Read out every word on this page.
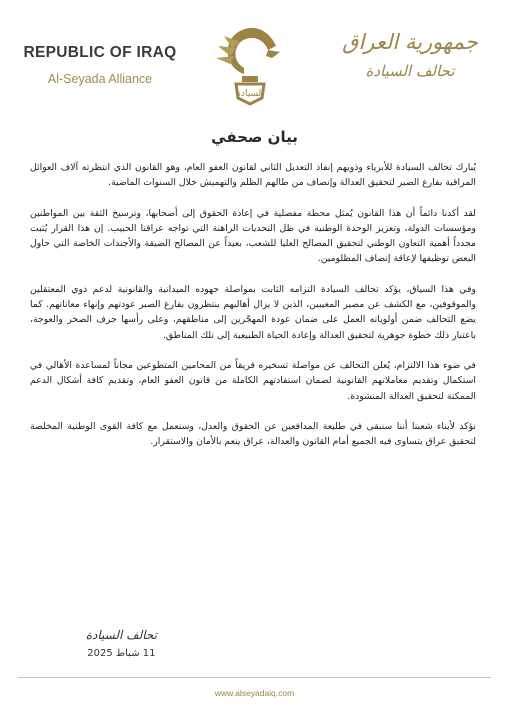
REPUBLIC OF IRAQ
Al-Seyada Alliance
السيادة
جمهورية العراق
تحالف السيادة
بيان صحفي

يُبارك تحالف السيادة للأبرياء وذويهم إنفاذ التعديل الثاني لقانون العفو العام، وهو القانون الذي انتظرته آلاف العوائل المراقية بفارغ الصبر لتحقيق العدالة وإنصاف من طالهم الظلم والتهميش خلال السنوات الماضية.

لقد أكدنا دائماً أن هذا القانون يُمثل محطة مفصلية في إعادة الحقوق إلى أصحابها، وترسيخ الثقة بين المواطنين ومؤسسات الدولة، وتعزيز الوحدة الوطنية في ظل التحديات الراهنة التي تواجه عراقنا الحبيب. إن هذا القرار يُثبت مجدداً أهمية التعاون الوطني لتحقيق المصالح العليا للشعب، بعيداً عن المصالح الضيقة والأجندات الخاصة التي حاول البعض توظيفها لإعاقة إنصاف المظلومين.

وفي هذا السياق، يؤكد تحالف السيادة التزامه الثابت بمواصلة جهوده الميدانية والقانونية لدعم ذوي المعتقلين والموقوفين، مع الكشف عن مصير المغيبين، الذين لا يزال أهاليهم ينتظرون بفارغ الصبر عودتهم وإنهاء معاناتهم. كما يضع التحالف ضمن أولوياته العمل على ضمان عودة المهجّرين إلى مناطقهم، وعلى رأسها جرف الصخر والعوجة، باعتبار ذلك خطوة جوهرية لتحقيق العدالة وإعادة الحياة الطبيعية إلى تلك المناطق.

في ضوء هذا الالتزام، يُعلن التحالف عن مواصلة تسخيره فريقاً من المحامين المتطوعين مجاناً لمساعدة الأهالي في استكمال وتقديم معاملاتهم القانونية لضمان استفادتهم الكاملة من قانون العفو العام، وتقديم كافة أشكال الدعم الممكنة لتحقيق العدالة المنشودة.

نؤكد لأبناء شعبنا أننا سنبقى في طليعة المدافعين عن الحقوق والعدل، وسنعمل مع كافة القوى الوطنية المخلصة لتحقيق عراق يتساوى فيه الجميع أمام القانون والعدالة، عراق ينعم بالأمان والاستقرار.

تحالف السيادة
11 شباط 2025
www.alseyadaiq.com
